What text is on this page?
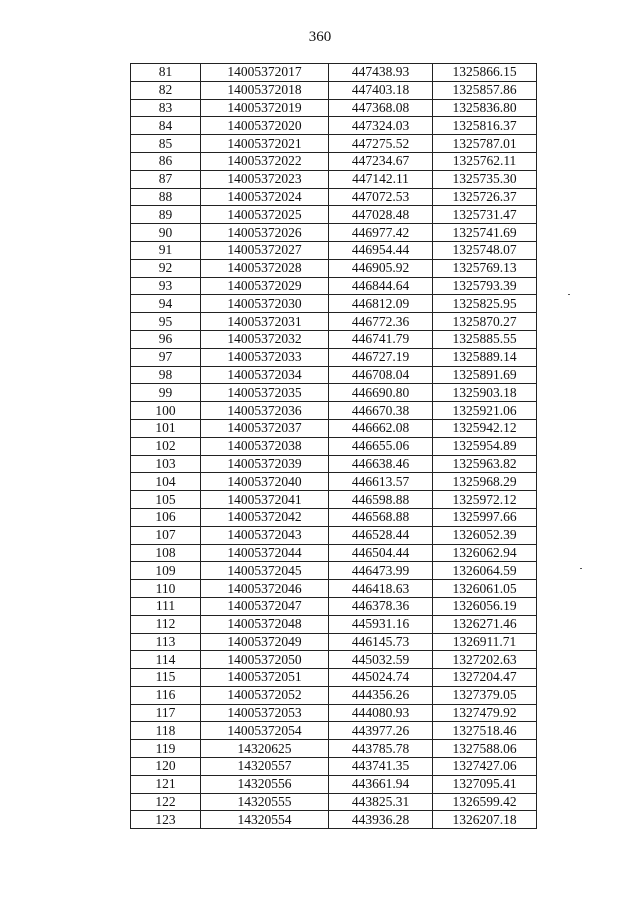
360
81	14005372017	447438.93	1325866.15
82	14005372018	447403.18	1325857.86
83	14005372019	447368.08	1325836.80
84	14005372020	447324.03	1325816.37
85	14005372021	447275.52	1325787.01
86	14005372022	447234.67	1325762.11
87	14005372023	447142.11	1325735.30
88	14005372024	447072.53	1325726.37
89	14005372025	447028.48	1325731.47
90	14005372026	446977.42	1325741.69
91	14005372027	446954.44	1325748.07
92	14005372028	446905.92	1325769.13
93	14005372029	446844.64	1325793.39
94	14005372030	446812.09	1325825.95
95	14005372031	446772.36	1325870.27
96	14005372032	446741.79	1325885.55
97	14005372033	446727.19	1325889.14
98	14005372034	446708.04	1325891.69
99	14005372035	446690.80	1325903.18
100	14005372036	446670.38	1325921.06
101	14005372037	446662.08	1325942.12
102	14005372038	446655.06	1325954.89
103	14005372039	446638.46	1325963.82
104	14005372040	446613.57	1325968.29
105	14005372041	446598.88	1325972.12
106	14005372042	446568.88	1325997.66
107	14005372043	446528.44	1326052.39
108	14005372044	446504.44	1326062.94
109	14005372045	446473.99	1326064.59
110	14005372046	446418.63	1326061.05
111	14005372047	446378.36	1326056.19
112	14005372048	445931.16	1326271.46
113	14005372049	446145.73	1326911.71
114	14005372050	445032.59	1327202.63
115	14005372051	445024.74	1327204.47
116	14005372052	444356.26	1327379.05
117	14005372053	444080.93	1327479.92
118	14005372054	443977.26	1327518.46
119	14320625	443785.78	1327588.06
120	14320557	443741.35	1327427.06
121	14320556	443661.94	1327095.41
122	14320555	443825.31	1326599.42
123	14320554	443936.28	1326207.18
